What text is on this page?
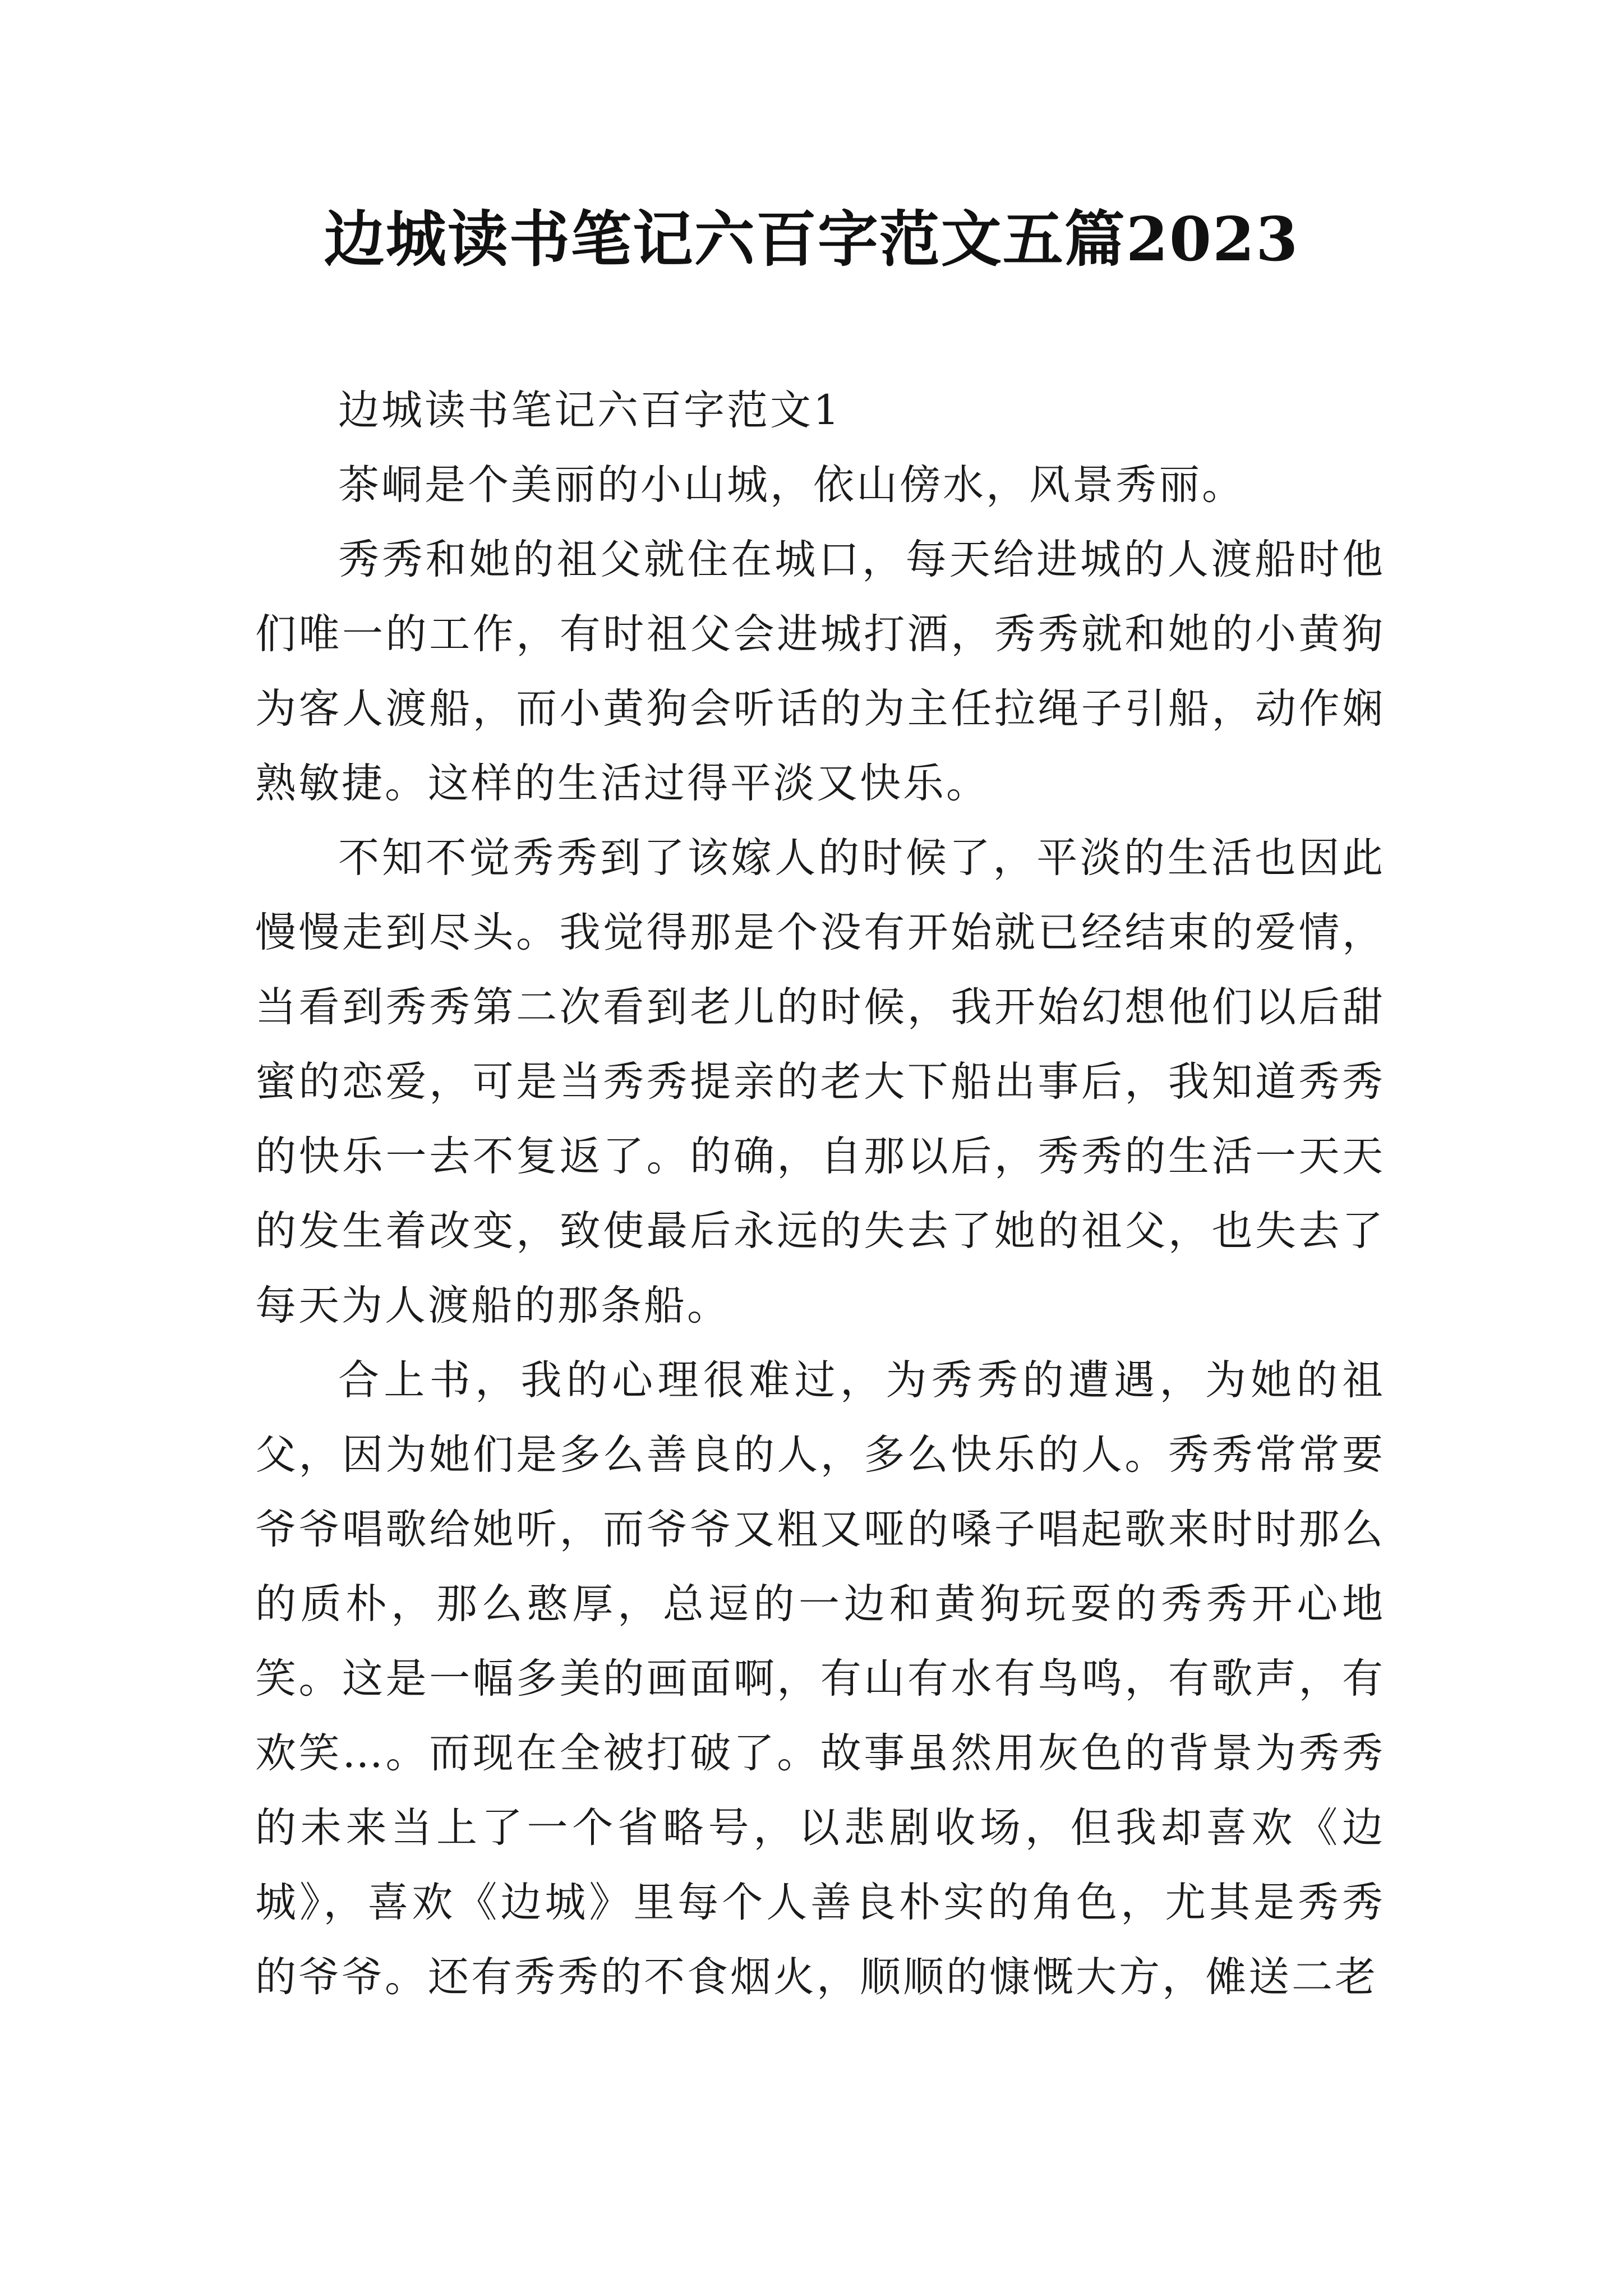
边城读书笔记六百字范文五篇2023

边城读书笔记六百字范文1

茶峒是个美丽的小山城，依山傍水，风景秀丽。

秀秀和她的祖父就住在城口，每天给进城的人渡船时他们唯一的工作，有时祖父会进城打酒，秀秀就和她的小黄狗为客人渡船，而小黄狗会听话的为主任拉绳子引船，动作娴熟敏捷。这样的生活过得平淡又快乐。

不知不觉秀秀到了该嫁人的时候了，平淡的生活也因此慢慢走到尽头。我觉得那是个没有开始就已经结束的爱情，当看到秀秀第二次看到老儿的时候，我开始幻想他们以后甜蜜的恋爱，可是当秀秀提亲的老大下船出事后，我知道秀秀的快乐一去不复返了。的确，自那以后，秀秀的生活一天天的发生着改变，致使最后永远的失去了她的祖父，也失去了每天为人渡船的那条船。

合上书，我的心理很难过，为秀秀的遭遇，为她的祖父，因为她们是多么善良的人，多么快乐的人。秀秀常常要爷爷唱歌给她听，而爷爷又粗又哑的嗓子唱起歌来时时那么的质朴，那么憨厚，总逗的一边和黄狗玩耍的秀秀开心地笑。这是一幅多美的画面啊，有山有水有鸟鸣，有歌声，有欢笑…。而现在全被打破了。故事虽然用灰色的背景为秀秀的未来当上了一个省略号，以悲剧收场，但我却喜欢《边城》，喜欢《边城》里每个人善良朴实的角色，尤其是秀秀的爷爷。还有秀秀的不食烟火，顺顺的慷慨大方，傩送二老
